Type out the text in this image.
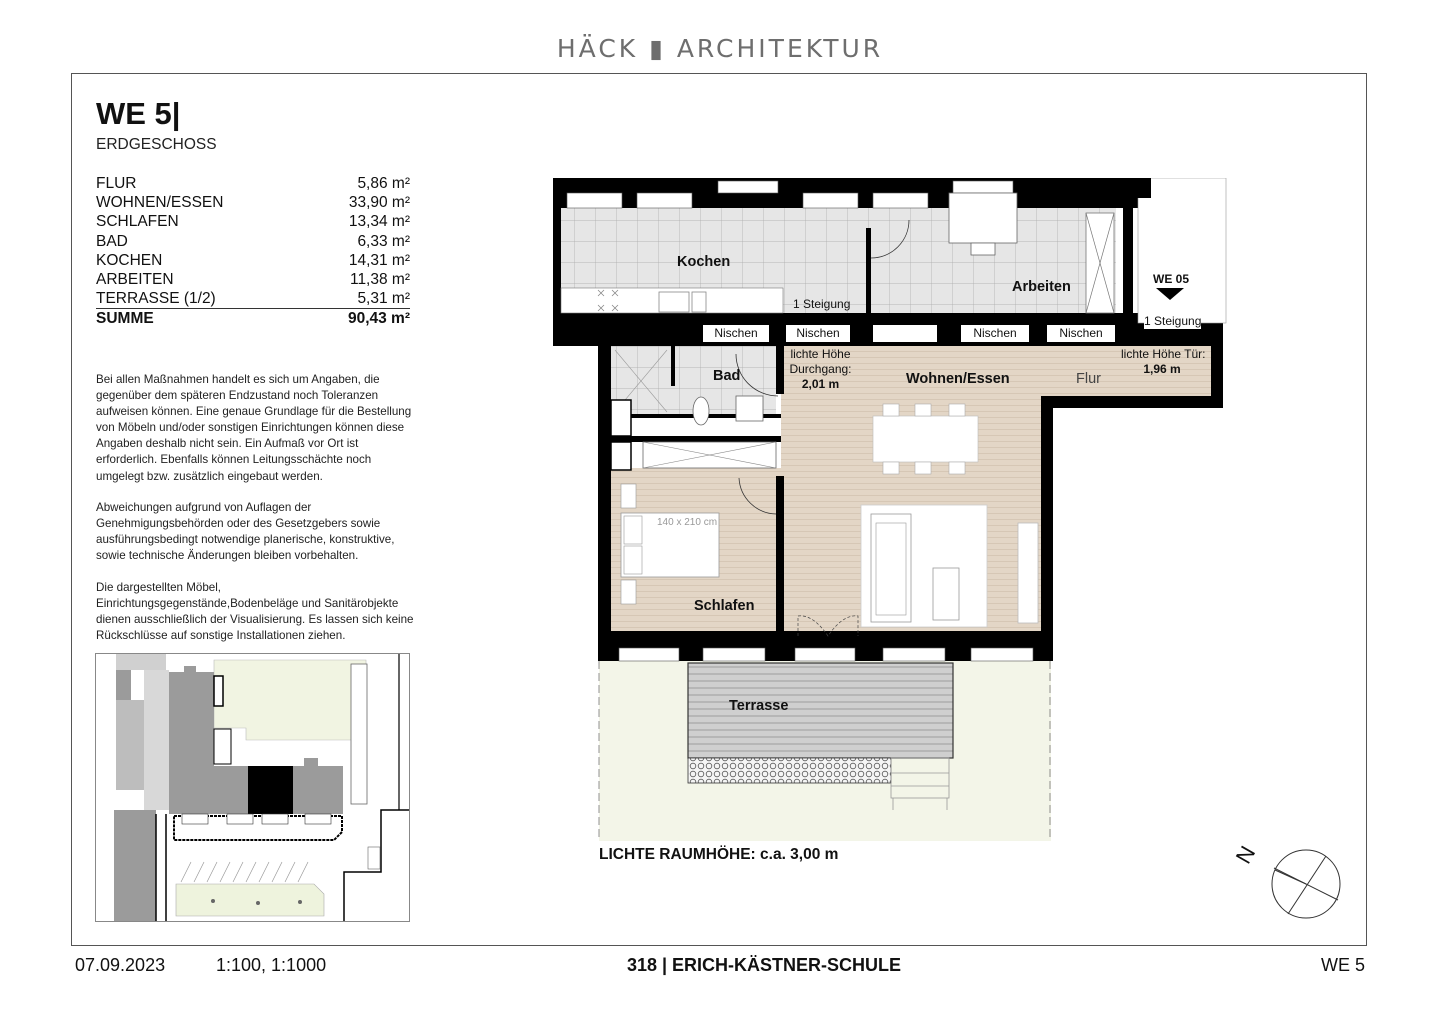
HÄCK ▮ ARCHITEKTUR
WE 5|
ERDGESCHOSS
FLUR	5,86 m²
WOHNEN/ESSEN	33,90 m²
SCHLAFEN	13,34 m²
BAD	6,33 m²
KOCHEN	14,31 m²
ARBEITEN	11,38 m²
TERRASSE (1/2)	5,31 m²
SUMME	90,43 m²
Bei allen Maßnahmen handelt es sich um Angaben, die gegenüber dem späteren Endzustand noch Toleranzen aufweisen können. Eine genaue Grundlage für die Bestellung von Möbeln und/oder sonstigen Einrichtungen können diese Angaben deshalb nicht sein. Ein Aufmaß vor Ort ist erforderlich. Ebenfalls können Leitungsschächte noch umgelegt bzw. zusätzlich eingebaut werden.
Abweichungen aufgrund von Auflagen der Genehmigungsbehörden oder des Gesetzgebers sowie ausführungsbedingt notwendige planerische, konstruktive, sowie technische Änderungen bleiben vorbehalten.
Die dargestellten Möbel, Einrichtungsgegenstände,Bodenbeläge und Sanitärobjekte dienen ausschließlich der Visualisierung. Es lassen sich keine Rückschlüsse auf sonstige Installationen ziehen.
Kochen
Arbeiten
Bad	Wohnen/Essen	Flur
Schlafen
Terrasse
Nischen	Nischen	Nischen	Nischen
1 Steigung
1 Steigung
WE 05
lichte Höhe
Durchgang:
2,01 m
lichte Höhe Tür:
1,96 m
140 x 210 cm
LICHTE RAUMHÖHE: c.a. 3,00 m	N
07.09.2023	1:100, 1:1000	318 | ERICH-KÄSTNER-SCHULE	WE 5
